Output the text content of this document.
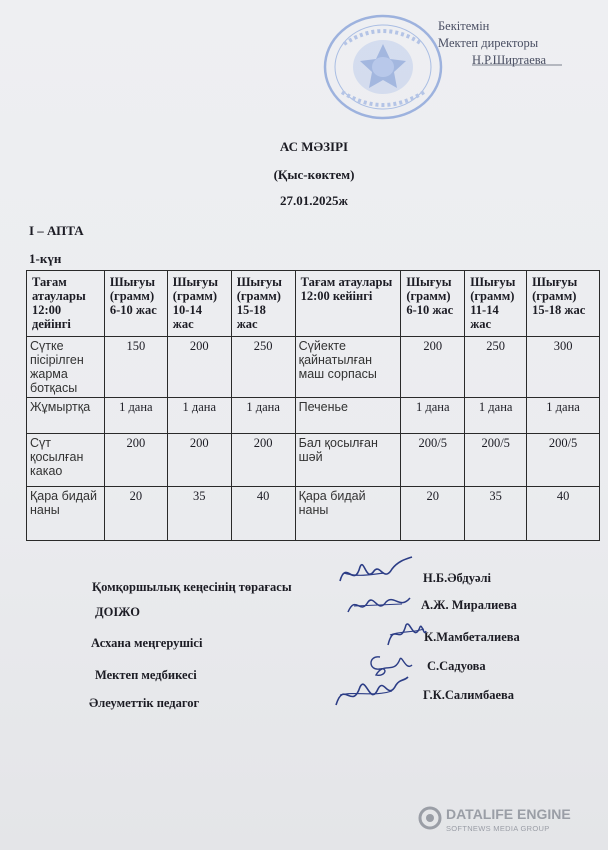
Бекітемін
Мектеп директоры
Н.Р.Ширтаева
АС МӘЗІРІ
(Қыс-көктем)
27.01.2025ж
І – АПТА
1-күн
Тағам атаулары 12:00 дейінгі	Шығуы (грамм) 6-10 жас	Шығуы (грамм) 10-14 жас	Шығуы (грамм) 15-18 жас	Тағам атаулары 12:00 кейінгі	Шығуы (грамм) 6-10 жас	Шығуы (грамм) 11-14 жас	Шығуы (грамм) 15-18 жас
Сүтке пісірілген жарма ботқасы	150	200	250	Сүйекте қайнатылған маш сорпасы	200	250	300
Жұмыртқа	1 дана	1 дана	1 дана	Печенье	1 дана	1 дана	1 дана
Сүт қосылған какао	200	200	200	Бал қосылған шәй	200/5	200/5	200/5
Қара бидай наны	20	35	40	Қара бидай наны	20	35	40
Қомқоршылық кеңесінің төрағасы
Н.Б.Әбдуәлі
ДОІЖО	А.Ж. Миралиева
Асхана меңгерушісі	К.Мамбеталиева
Мектеп медбикесі
С.Садуова
Әлеуметтік педагог
Г.К.Салимбаева
DATALIFE ENGINE
SOFTNEWS MEDIA GROUP
